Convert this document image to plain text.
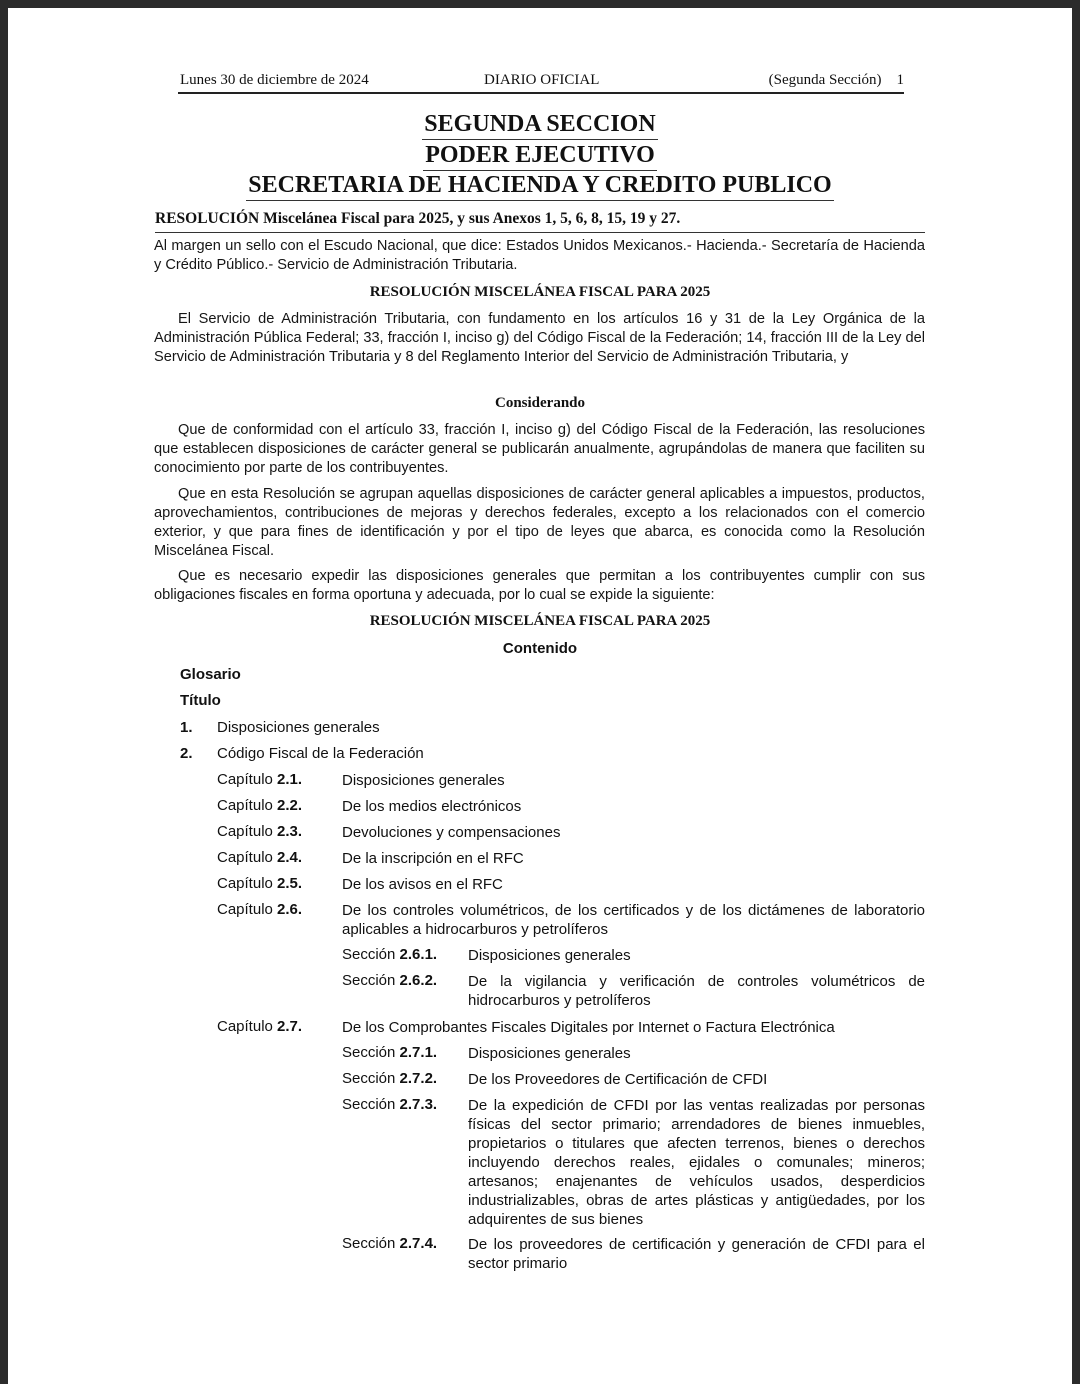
Lunes 30 de diciembre de 2024	DIARIO OFICIAL	(Segunda Sección) 1
SEGUNDA SECCION
PODER EJECUTIVO
SECRETARIA DE HACIENDA Y CREDITO PUBLICO
RESOLUCIÓN Miscelánea Fiscal para 2025, y sus Anexos 1, 5, 6, 8, 15, 19 y 27.
Al margen un sello con el Escudo Nacional, que dice: Estados Unidos Mexicanos.- Hacienda.- Secretaría de Hacienda y Crédito Público.- Servicio de Administración Tributaria.
RESOLUCIÓN MISCELÁNEA FISCAL PARA 2025
El Servicio de Administración Tributaria, con fundamento en los artículos 16 y 31 de la Ley Orgánica de la Administración Pública Federal; 33, fracción I, inciso g) del Código Fiscal de la Federación; 14, fracción III de la Ley del Servicio de Administración Tributaria y 8 del Reglamento Interior del Servicio de Administración Tributaria, y
Considerando
Que de conformidad con el artículo 33, fracción I, inciso g) del Código Fiscal de la Federación, las resoluciones que establecen disposiciones de carácter general se publicarán anualmente, agrupándolas de manera que faciliten su conocimiento por parte de los contribuyentes.
Que en esta Resolución se agrupan aquellas disposiciones de carácter general aplicables a impuestos, productos, aprovechamientos, contribuciones de mejoras y derechos federales, excepto a los relacionados con el comercio exterior, y que para fines de identificación y por el tipo de leyes que abarca, es conocida como la Resolución Miscelánea Fiscal.
Que es necesario expedir las disposiciones generales que permitan a los contribuyentes cumplir con sus obligaciones fiscales en forma oportuna y adecuada, por lo cual se expide la siguiente:
RESOLUCIÓN MISCELÁNEA FISCAL PARA 2025
Contenido
Glosario
Título
1. Disposiciones generales
2. Código Fiscal de la Federación
Capítulo 2.1.	Disposiciones generales
Capítulo 2.2.	De los medios electrónicos
Capítulo 2.3.	Devoluciones y compensaciones
Capítulo 2.4.	De la inscripción en el RFC
Capítulo 2.5.	De los avisos en el RFC
Capítulo 2.6.	De los controles volumétricos, de los certificados y de los dictámenes de laboratorio aplicables a hidrocarburos y petrolíferos
Sección 2.6.1. Disposiciones generales
Sección 2.6.2. De la vigilancia y verificación de controles volumétricos de hidrocarburos y petrolíferos
Capítulo 2.7.	De los Comprobantes Fiscales Digitales por Internet o Factura Electrónica
Sección 2.7.1. Disposiciones generales
Sección 2.7.2. De los Proveedores de Certificación de CFDI
Sección 2.7.3. De la expedición de CFDI por las ventas realizadas por personas físicas del sector primario; arrendadores de bienes inmuebles, propietarios o titulares que afecten terrenos, bienes o derechos incluyendo derechos reales, ejidales o comunales; mineros; artesanos; enajenantes de vehículos usados, desperdicios industrializables, obras de artes plásticas y antigüedades, por los adquirentes de sus bienes
Sección 2.7.4. De los proveedores de certificación y generación de CFDI para el sector primario
